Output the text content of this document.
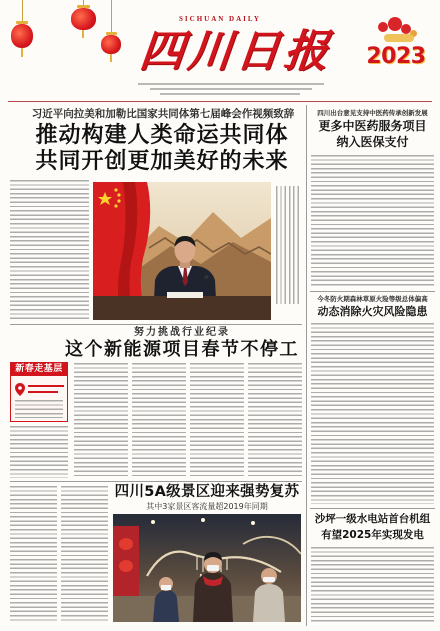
SICHUAN DAILY
四川日报 2023
习近平向拉美和加勒比国家共同体第七届峰会作视频致辞
推动构建人类命运共同体
共同开创更加美好的未来
努力挑战行业纪录
这个新能源项目春节不停工
新春走基层
四川5A级景区迎来强势复苏
其中3家景区客流量超2019年同期
四川出台意见支持中医药传承创新发展
更多中医药服务项目
纳入医保支付
今冬防火期森林草原火险等级总体偏高
动态消除火灾风险隐患
沙坪一级水电站首台机组
有望2025年实现发电
